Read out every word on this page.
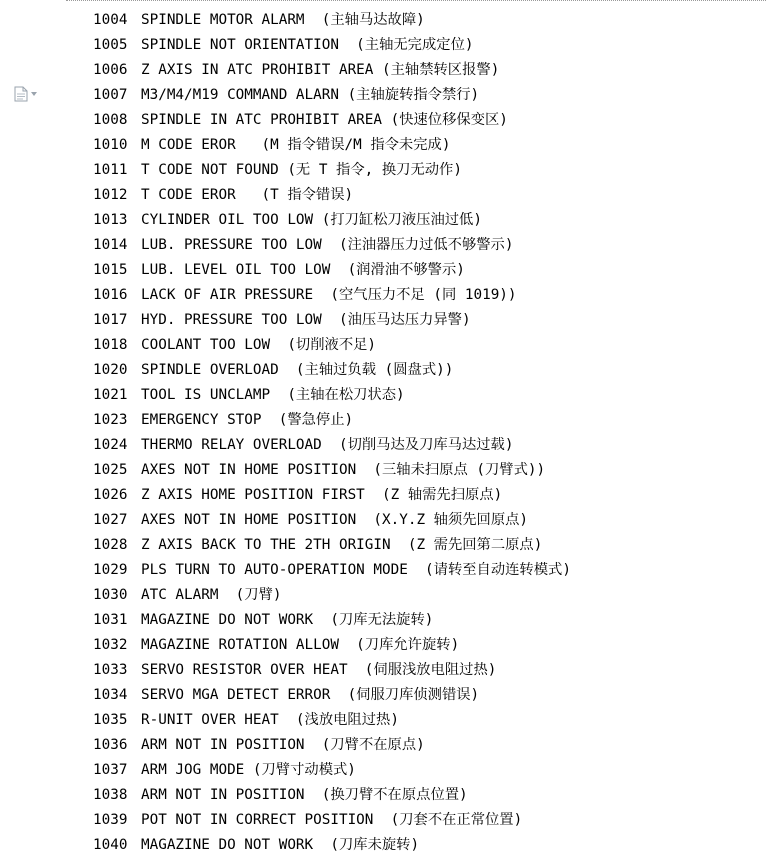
1004 SPINDLE MOTOR ALARM  (主轴马达故障)
1005 SPINDLE NOT ORIENTATION  (主轴无完成定位)
1006 Z AXIS IN ATC PROHIBIT AREA (主轴禁转区报警)
1007 M3/M4/M19 COMMAND ALARN (主轴旋转指令禁行)
1008 SPINDLE IN ATC PROHIBIT AREA (快速位移保变区)
1010 M CODE EROR   (M 指令错误/M 指令未完成)
1011 T CODE NOT FOUND (无 T 指令, 换刀无动作)
1012 T CODE EROR   (T 指令错误)
1013 CYLINDER OIL TOO LOW (打刀缸松刀液压油过低)
1014 LUB. PRESSURE TOO LOW  (注油器压力过低不够警示)
1015 LUB. LEVEL OIL TOO LOW  (润滑油不够警示)
1016 LACK OF AIR PRESSURE  (空气压力不足 (同 1019))
1017 HYD. PRESSURE TOO LOW  (油压马达压力异警)
1018 COOLANT TOO LOW  (切削液不足)
1020 SPINDLE OVERLOAD  (主轴过负载 (圆盘式))
1021 TOOL IS UNCLAMP  (主轴在松刀状态)
1023 EMERGENCY STOP  (警急停止)
1024 THERMO RELAY OVERLOAD  (切削马达及刀库马达过载)
1025 AXES NOT IN HOME POSITION  (三轴未扫原点 (刀臂式))
1026 Z AXIS HOME POSITION FIRST  (Z 轴需先扫原点)
1027 AXES NOT IN HOME POSITION  (X.Y.Z 轴须先回原点)
1028 Z AXIS BACK TO THE 2TH ORIGIN  (Z 需先回第二原点)
1029 PLS TURN TO AUTO-OPERATION MODE  (请转至自动连转模式)
1030 ATC ALARM  (刀臂)
1031 MAGAZINE DO NOT WORK  (刀库无法旋转)
1032 MAGAZINE ROTATION ALLOW  (刀库允许旋转)
1033 SERVO RESISTOR OVER HEAT  (伺服浅放电阻过热)
1034 SERVO MGA DETECT ERROR  (伺服刀库侦测错误)
1035 R-UNIT OVER HEAT  (浅放电阻过热)
1036 ARM NOT IN POSITION  (刀臂不在原点)
1037 ARM JOG MODE (刀臂寸动模式)
1038 ARM NOT IN POSITION  (换刀臂不在原点位置)
1039 POT NOT IN CORRECT POSITION  (刀套不在正常位置)
1040 MAGAZINE DO NOT WORK  (刀库未旋转)
